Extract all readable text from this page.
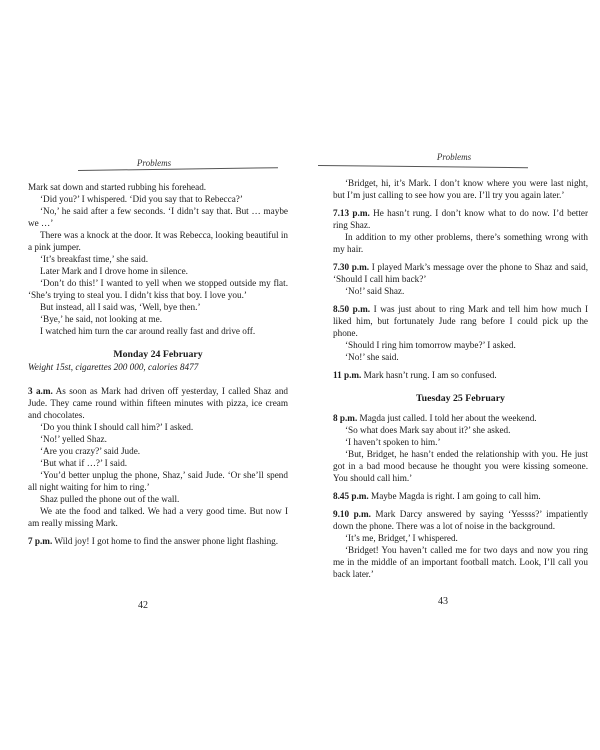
Problems

Mark sat down and started rubbing his forehead.

‘Did you?’ I whispered. ‘Did you say that to Rebecca?’

‘No,’ he said after a few seconds. ‘I didn’t say that. But … maybe we …’

There was a knock at the door. It was Rebecca, looking beautiful in a pink jumper.

‘It’s breakfast time,’ she said.

Later Mark and I drove home in silence.

‘Don’t do this!’ I wanted to yell when we stopped outside my flat. ‘She’s trying to steal you. I didn’t kiss that boy. I love you.’

But instead, all I said was, ‘Well, bye then.’

‘Bye,’ he said, not looking at me.

I watched him turn the car around really fast and drive off.

Monday 24 February
Weight 15st, cigarettes 200 000, calories 8477

3 a.m. As soon as Mark had driven off yesterday, I called Shaz and Jude. They came round within fifteen minutes with pizza, ice cream and chocolates.

‘Do you think I should call him?’ I asked.

‘No!’ yelled Shaz.

‘Are you crazy?’ said Jude.

‘But what if …?’ I said.

‘You’d better unplug the phone, Shaz,’ said Jude. ‘Or she’ll spend all night waiting for him to ring.’

Shaz pulled the phone out of the wall.

We ate the food and talked. We had a very good time. But now I am really missing Mark.

7 p.m. Wild joy! I got home to find the answer phone light flashing.

42
Problems

‘Bridget, hi, it’s Mark. I don’t know where you were last night, but I’m just calling to see how you are. I’ll try you again later.’

7.13 p.m. He hasn’t rung. I don’t know what to do now. I’d better ring Shaz.

In addition to my other problems, there’s something wrong with my hair.

7.30 p.m. I played Mark’s message over the phone to Shaz and said, ‘Should I call him back?’

‘No!’ said Shaz.

8.50 p.m. I was just about to ring Mark and tell him how much I liked him, but fortunately Jude rang before I could pick up the phone.

‘Should I ring him tomorrow maybe?’ I asked.

‘No!’ she said.

11 p.m. Mark hasn’t rung. I am so confused.

Tuesday 25 February

8 p.m. Magda just called. I told her about the weekend.

‘So what does Mark say about it?’ she asked.

‘I haven’t spoken to him.’

‘But, Bridget, he hasn’t ended the relationship with you. He just got in a bad mood because he thought you were kissing someone. You should call him.’

8.45 p.m. Maybe Magda is right. I am going to call him.

9.10 p.m. Mark Darcy answered by saying ‘Yessss?’ impatiently down the phone. There was a lot of noise in the background.

‘It’s me, Bridget,’ I whispered.

‘Bridget! You haven’t called me for two days and now you ring me in the middle of an important football match. Look, I’ll call you back later.’

43
